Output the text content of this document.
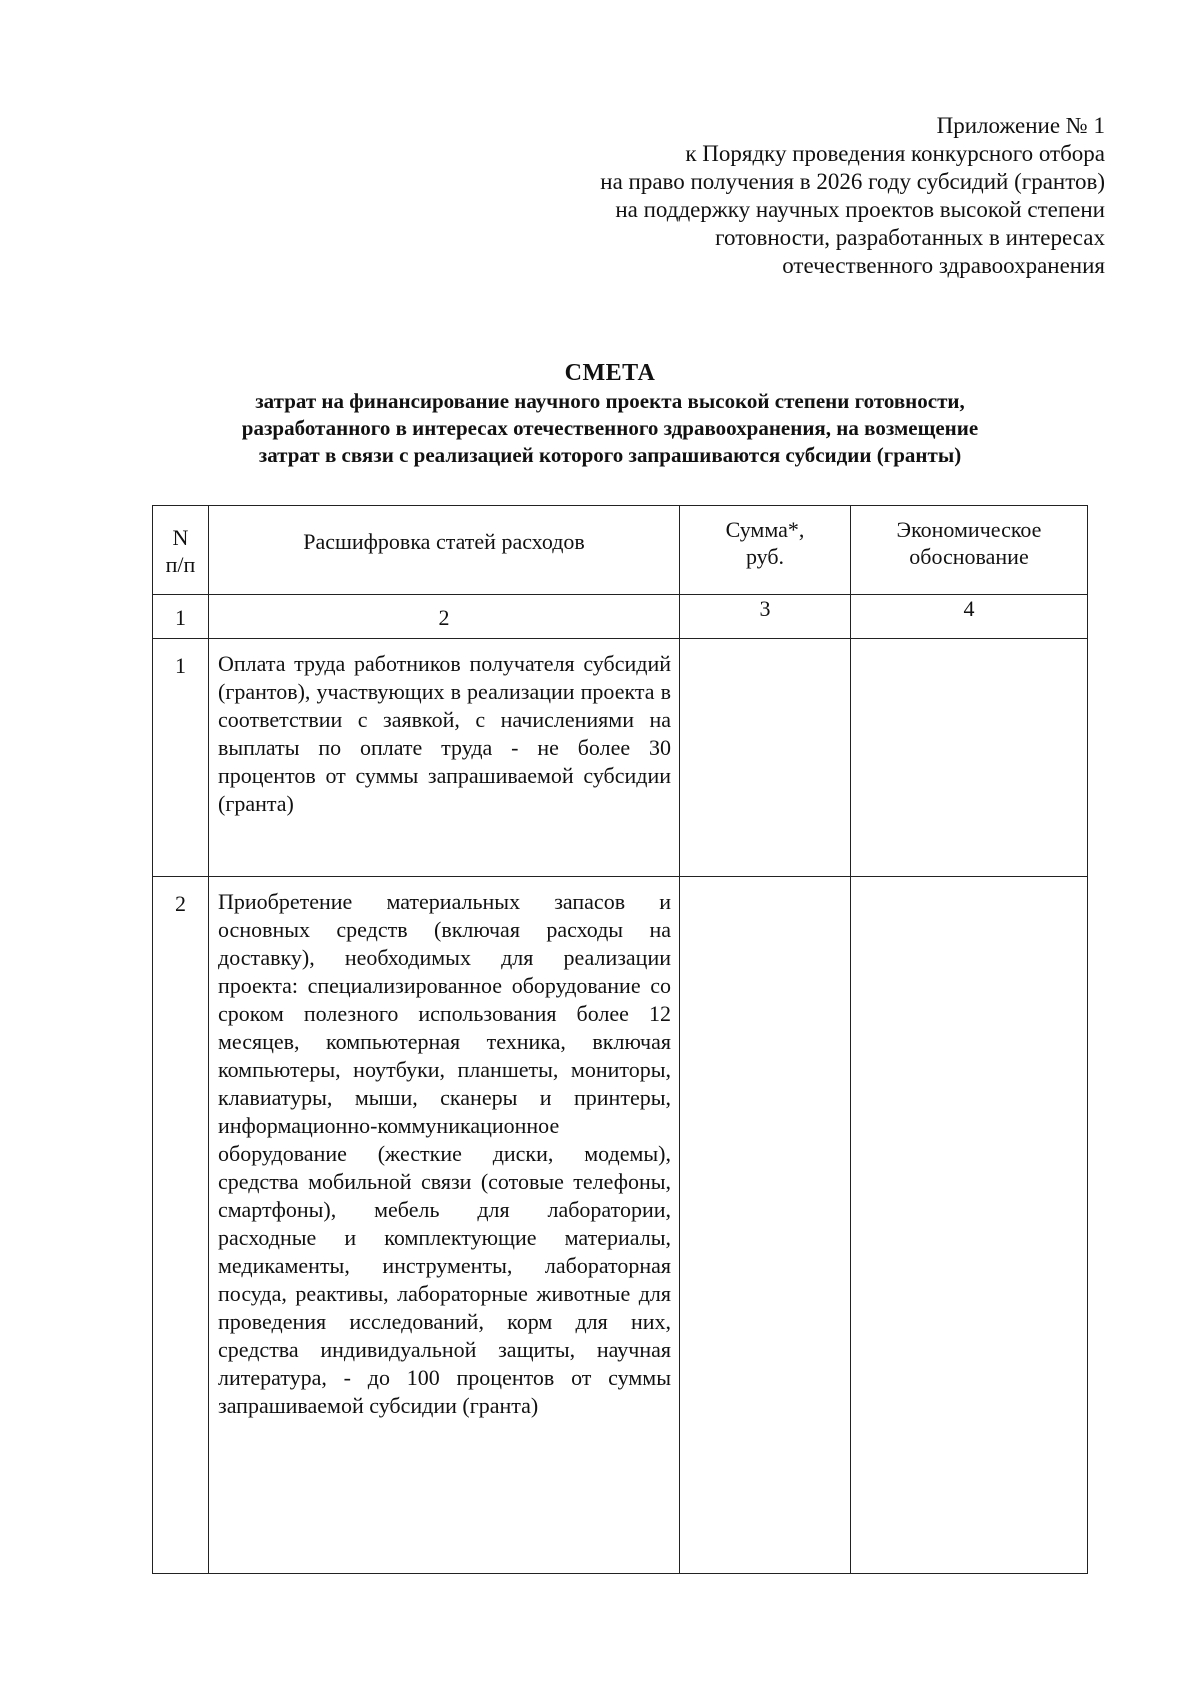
Приложение № 1
к Порядку проведения конкурсного отбора
на право получения в 2026 году субсидий (грантов)
на поддержку научных проектов высокой степени
готовности, разработанных в интересах
отечественного здравоохранения
СМЕТА
затрат на финансирование научного проекта высокой степени готовности,
разработанного в интересах отечественного здравоохранения, на возмещение
затрат в связи с реализацией которого запрашиваются субсидии (гранты)
N п/п	Расшифровка статей расходов	Сумма*, руб.	Экономическое обоснование

1	2	3	4

1	Оплата труда работников получателя субсидий (грантов), участвующих в реализации проекта в соответствии с заявкой, с начислениями на выплаты по оплате труда - не более 30 процентов от суммы запрашиваемой субсидии (гранта)		
2	Приобретение материальных запасов и основных средств (включая расходы на доставку), необходимых для реализации проекта: специализированное оборудование со сроком полезного использования более 12 месяцев, компьютерная техника, включая компьютеры, ноутбуки, планшеты, мониторы, клавиатуры, мыши, сканеры и принтеры, информационно-коммуникационное оборудование (жесткие диски, модемы), средства мобильной связи (сотовые телефоны, смартфоны), мебель для лаборатории, расходные и комплектующие материалы, медикаменты, инструменты, лабораторная посуда, реактивы, лабораторные животные для проведения исследований, корм для них, средства индивидуальной защиты, научная литература, - до 100 процентов от суммы запрашиваемой субсидии (гранта)		
